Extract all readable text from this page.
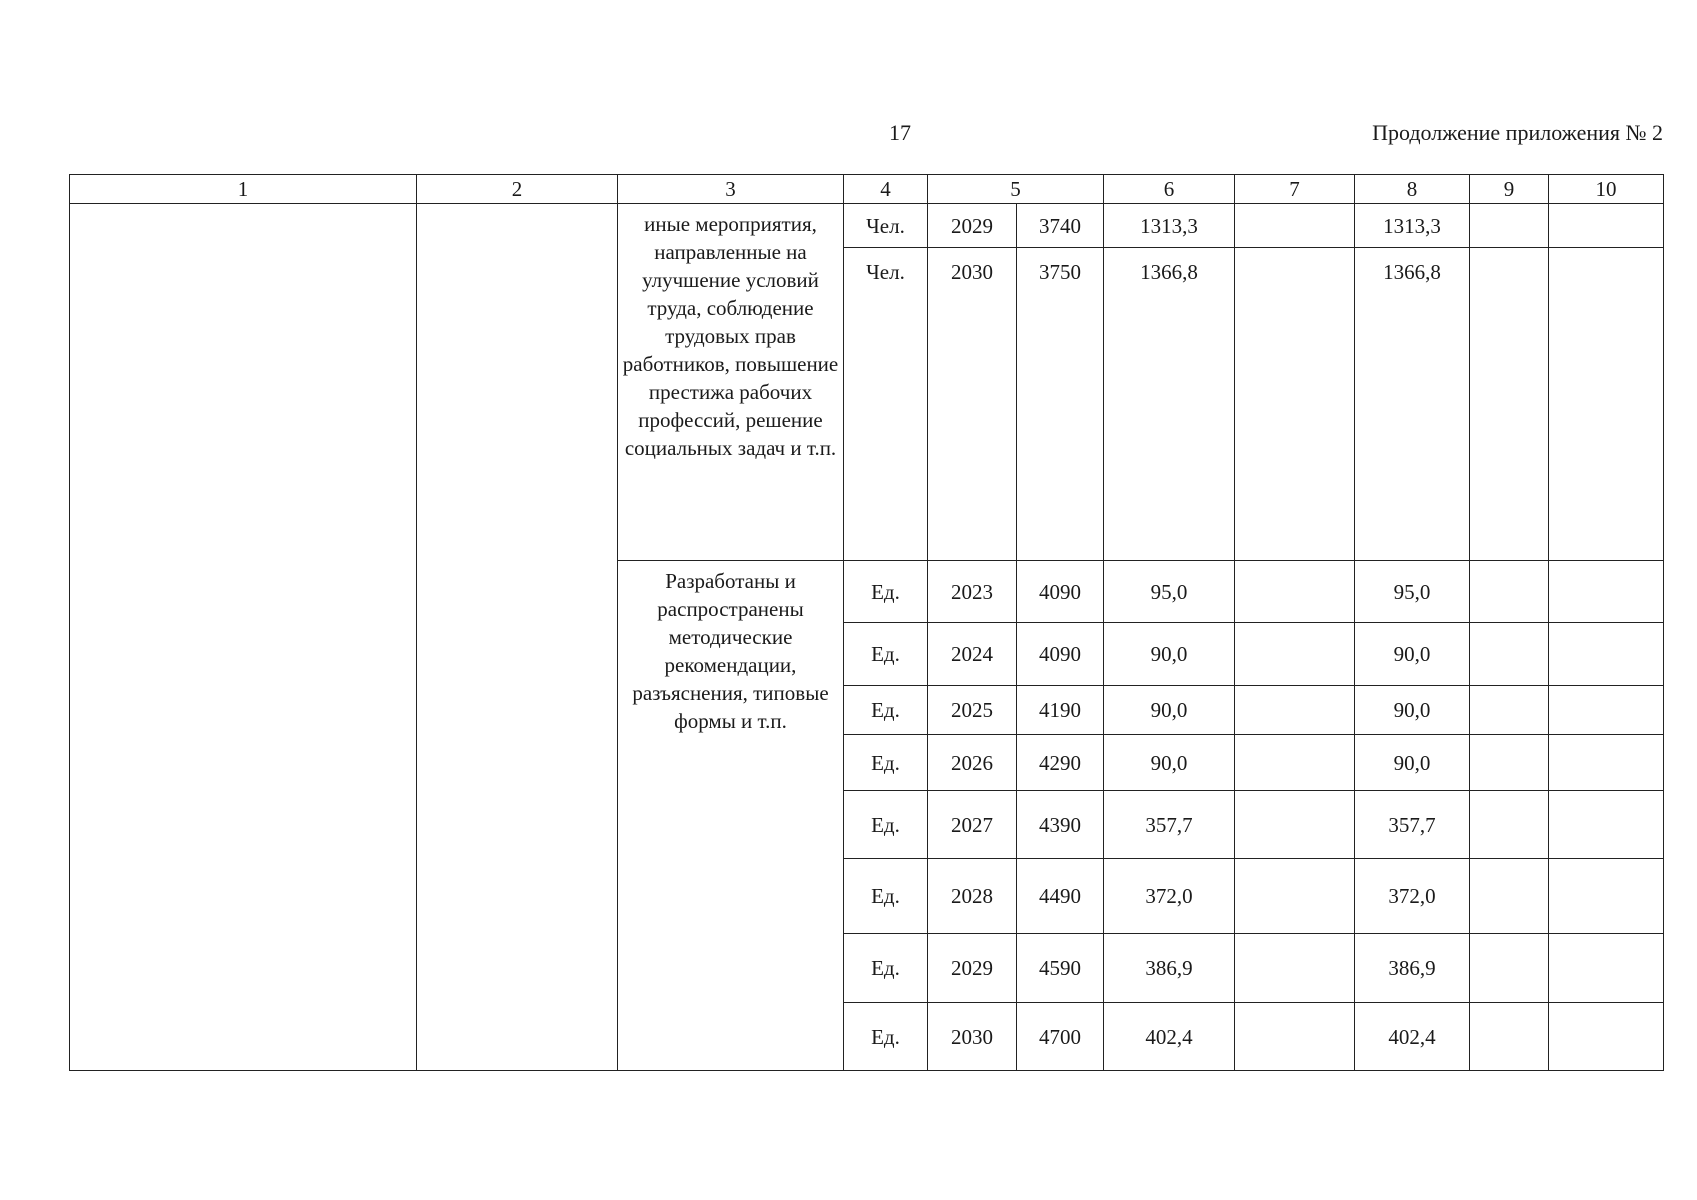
17	Продолжение приложения № 2
1	2	3	4	5		6	7	8	9	10
		иные мероприятия, направленные на улучшение условий труда, соблюдение трудовых прав работников, повышение престижа рабочих профессий, решение социальных задач и т.п.	Чел.	2029	3740	1313,3		1313,3		
			Чел.	2030	3750	1366,8		1366,8		
		Разработаны и распространены методические рекомендации, разъяснения, типовые формы и т.п.	Ед.	2023	4090	95,0		95,0		
			Ед.	2024	4090	90,0		90,0		
			Ед.	2025	4190	90,0		90,0		
			Ед.	2026	4290	90,0		90,0		
			Ед.	2027	4390	357,7		357,7		
			Ед.	2028	4490	372,0		372,0		
			Ед.	2029	4590	386,9		386,9		
			Ед.	2030	4700	402,4		402,4		
